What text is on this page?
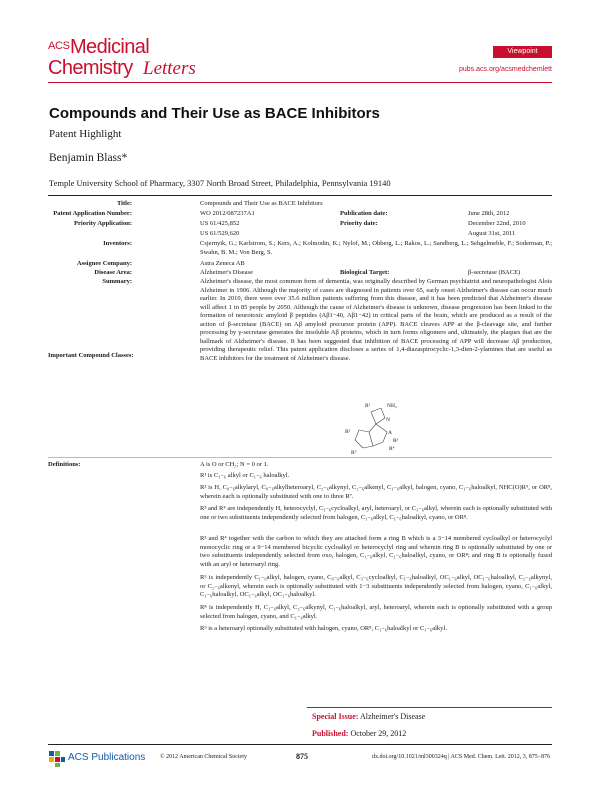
ACS Medicinal
Chemistry Letters
Viewpoint
pubs.acs.org/acsmedchemlett
Compounds and Their Use as BACE Inhibitors
Patent Highlight
Benjamin Blass*
Temple University School of Pharmacy, 3307 North Broad Street, Philadelphia, Pennsylvania 19140
Title:	Compounds and Their Use as BACE Inhibitors
Patent Application Number:	WO 2012/087237A1	Publication date:	June 28th, 2012
Priority Application:	US 61/425,852	Priority date:	December 22nd, 2010
US 61/529,620	August 31st, 2011
Inventors:	Csjernyik, G.; Karlstrom, S.; Kers, A.; Kolmodin, K.; Nylof, M.; Ohberg, L.; Rakos, L.; Sandberg, L.; Sehgelmeble, F.; Soderman, P.; Swahn, B. M.; Von Berg, S.
Assignee Company:	Astra Zeneca AB
Disease Area:	Alzheimer's Disease	Biological Target:	β-secretase (BACE)
Summary:	Alzheimer's disease, the most common form of dementia, was originally described by German psychiatrist and neuropathologist Alois Alzheimer in 1906. Although the majority of cases are diagnosed in patients over 65, early onset Alzheimer's disease can occur much earlier. In 2010, there were over 35.6 million patients suffering from this disease, and it has been predicted that Alzheimer's disease will affect 1 in 85 people by 2050. Although the cause of Alzheimer's disease is unknown, disease progression has been linked to the formation of neurotoxic amyloid β peptides (Aβ1−40, Aβ1−42) in critical parts of the brain, which are produced as a result of the action of β-secretase (BACE) on Aβ amyloid precursor protein (APP). BACE cleaves APP at the β-cleavage site, and further processing by γ-secretase generates the insoluble Aβ proteins, which in turn forms oligomers and, ultimately, the plaques that are the hallmark of Alzheimer's disease. It has been suggested that inhibition of BACE processing of APP will decrease Aβ production, providing therapeutic relief. This patent application discloses a series of 1,4-diazaspirocyclic-1,3-dien-2-ylamines that are useful as BACE inhibitors for the treatment of Alzheimer's disease.
Important Compound Classes:
R¹	NH₂
N
A
R²
R³
R⁴
R⁵
Definitions:	A is O or CH₂; N = 0 or 1.
R¹ is C₁₋₆ alkyl or C₁₋₆ haloalkyl.
R² is H, C₀₋₆alkylaryl, C₀₋₆alkylheteroaryl, C₂₋₆alkynyl, C₂₋₆alkenyl, C₁₋₆alkyl, halogen, cyano, C₁₋₆haloalkyl, NHC(O)R⁹, or OR⁸, wherein each is optionally substituted with one to three R⁷.
R³ and R⁴ are independently H, heterocyclyl, C₃₋₆cycloalkyl, aryl, heteroaryl, or C₁₋₆alkyl, wherein each is optionally substituted with one or two substituents independently selected from halogen, C₁₋₆alkyl, C₁₋₆haloalkyl, cyano, or OR⁸.
R³ and R⁴ together with the carbon to which they are attached form a ring B which is a 3−14 membered cycloalkyl or heterocyclyl monocyclic ring or a 9−14 membered bicyclic cycloalkyl or heterocyclyl ring and wherein ring B is optionally substituted by one or two substituents independently selected from oxo, halogen, C₁₋₆alkyl, C₁₋₆haloalkyl, cyano, or OR⁸; and ring B is optionally fused with an aryl or heteroaryl ring.
R⁵ is independently C₁₋₆alkyl, halogen, cyano, C₀₋₆alkyl, C₃₋₆cycloalkyl, C₁₋₆haloalkyl, OC₁₋₆alkyl, OC₁₋₆haloalkyl, C₂₋₆alkynyl, or C₂₋₆alkenyl, wherein each is optionally substituted with 1−3 substituents independently selected from halogen, cyano, C₁₋₆alkyl, C₁₋₆haloalkyl, OC₁₋₆alkyl, OC₁₋₆haloalkyl.
R⁸ is independently H, C₁₋₆alkyl, C₂₋₆alkynyl, C₁₋₆haloalkyl, aryl, heteroaryl, wherein each is optionally substituted with a group selected from halogen, cyano, and C₁₋₆alkyl.
R⁹ is a heteroaryl optionally substituted with halogen, cyano, OR⁸, C₁₋₆haloalkyl or C₁₋₆alkyl.
Special Issue: Alzheimer's Disease
Published: October 29, 2012
ACS Publications © 2012 American Chemical Society	875	dx.doi.org/10.1021/ml300324q | ACS Med. Chem. Lett. 2012, 3, 875−876
